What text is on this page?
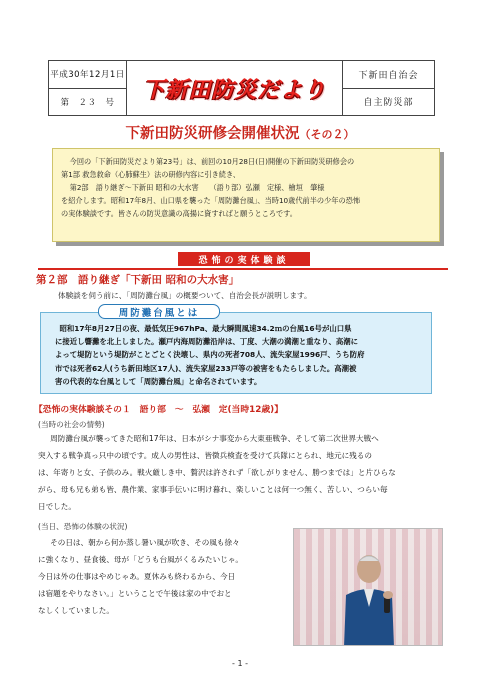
平成30年12月1日
第　２３　号
下新田防災だより
下新田自治会
自主防災部
下新田防災研修会開催状況（その２）
今回の「下新田防災だより第23号」は、前回の10月28日(日)開催の下新田防災研修会の
第1部 救急救命（心肺蘇生）法の研修内容に引き続き、
第2部　語り継ぎ～下新田 昭和の大水害　　（語り部）弘瀬　定様、檜垣　肇様
を紹介します。昭和17年8月、山口県を襲った「周防灘台風」、当時10歳代前半の少年の恐怖
の実体験談です。皆さんの防災意識の高揚に資すればと願うところです。
恐怖の実体験談
第２部　語り継ぎ「下新田 昭和の大水害」
体験談を伺う前に、「周防灘台風」の概要ついて、自治会長が説明します。
周防灘台風とは
昭和17年8月27日の夜、最低気圧967hPa、最大瞬間風速34.2ｍの台風16号が山口県
に接近し響灘を北上しました。瀬戸内海周防灘沿岸は、丁度、大潮の満潮と重なり、高潮に
よって堤防という堤防がことごとく決壊し、県内の死者708人、流失家屋1996戸、うち防府
市では死者62人(うち新田地区17人)、流失家屋233戸等の被害をもたらしました。高潮被
害の代表的な台風として「周防灘台風」と命名されています。
【恐怖の実体験談その１　語り部　～　弘瀬　定(当時12歳)】
(当時の社会の情勢)
周防灘台風が襲ってきた昭和17年は、日本がシナ事変から大東亜戦争、そして第二次世界大戦へ
突入する戦争真っ只中の頃です。成人の男性は、皆徴兵検査を受けて兵隊にとられ、地元に残るの
は、年寄りと女、子供のみ。戦火厳しき中、贅沢は許されず「欲しがりません、勝つまでは」と片ひらな
がら、母も兄も弟も皆、農作業、家事手伝いに明け暮れ、楽しいことは何一つ無く、苦しい、つらい毎
日でした。
(当日、恐怖の体験の状況)
その日は、朝から何か蒸し暑い風が吹き、その風も徐々
に強くなり、昼食後、母が「どうも台風がくるみたいじゃ。
今日は外の仕事はやめじゃあ。夏休みも終わるから、今日
は宿題をやりなさい。」ということで午後は家の中でおと
なしくしていました。
- 1 -
